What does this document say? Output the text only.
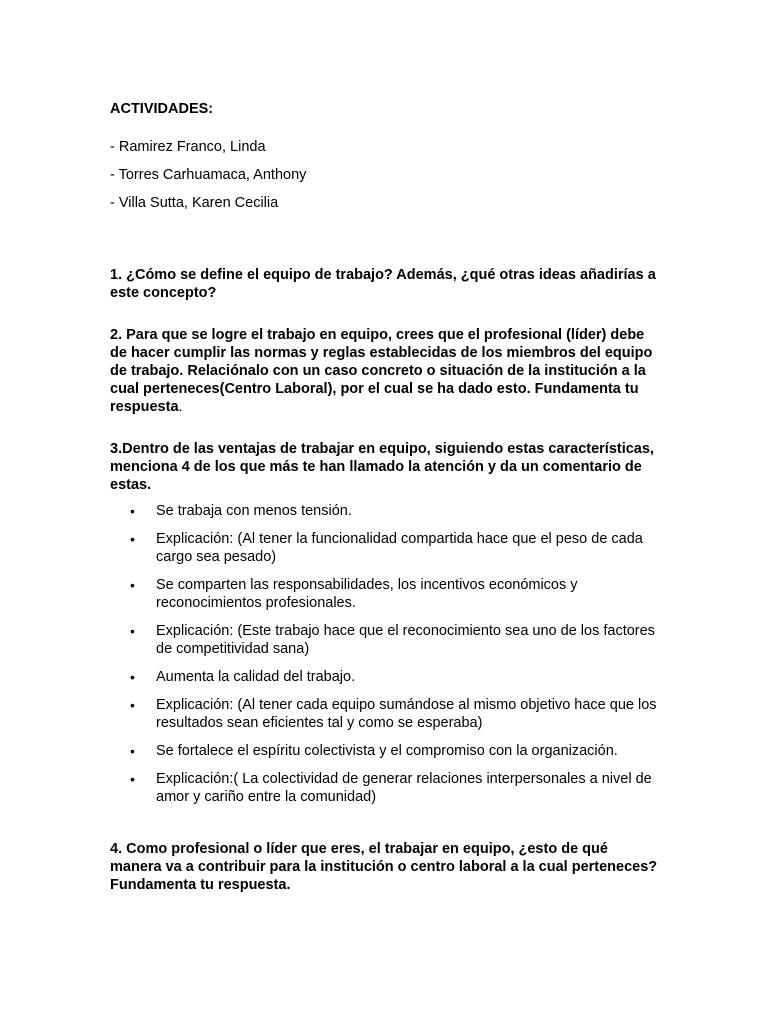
ACTIVIDADES:

- Ramirez Franco, Linda

- Torres Carhuamaca, Anthony

- Villa Sutta, Karen Cecilia

1. ¿Cómo se define el equipo de trabajo? Además, ¿qué otras ideas añadirías a este concepto?

2. Para que se logre el trabajo en equipo, crees que el profesional (líder) debe de hacer cumplir las normas y reglas establecidas de los miembros del equipo de trabajo. Relaciónalo con un caso concreto o situación de la institución a la cual perteneces(Centro Laboral), por el cual se ha dado esto. Fundamenta tu respuesta.

3.Dentro de las ventajas de trabajar en equipo, siguiendo estas características, menciona 4 de los que más te han llamado la atención y da un comentario de estas.

• Se trabaja con menos tensión.
• Explicación: (Al tener la funcionalidad compartida hace que el peso de cada cargo sea pesado)
• Se comparten las responsabilidades, los incentivos económicos y reconocimientos profesionales.
• Explicación: (Este trabajo hace que el reconocimiento sea uno de los factores de competitividad sana)
• Aumenta la calidad del trabajo.
• Explicación: (Al tener cada equipo sumándose al mismo objetivo hace que los resultados sean eficientes tal y como se esperaba)
• Se fortalece el espíritu colectivista y el compromiso con la organización.
• Explicación:( La colectividad de generar relaciones interpersonales a nivel de amor y cariño entre la comunidad)

4. Como profesional o líder que eres, el trabajar en equipo, ¿esto de qué manera va a contribuir para la institución o centro laboral a la cual perteneces? Fundamenta tu respuesta.
